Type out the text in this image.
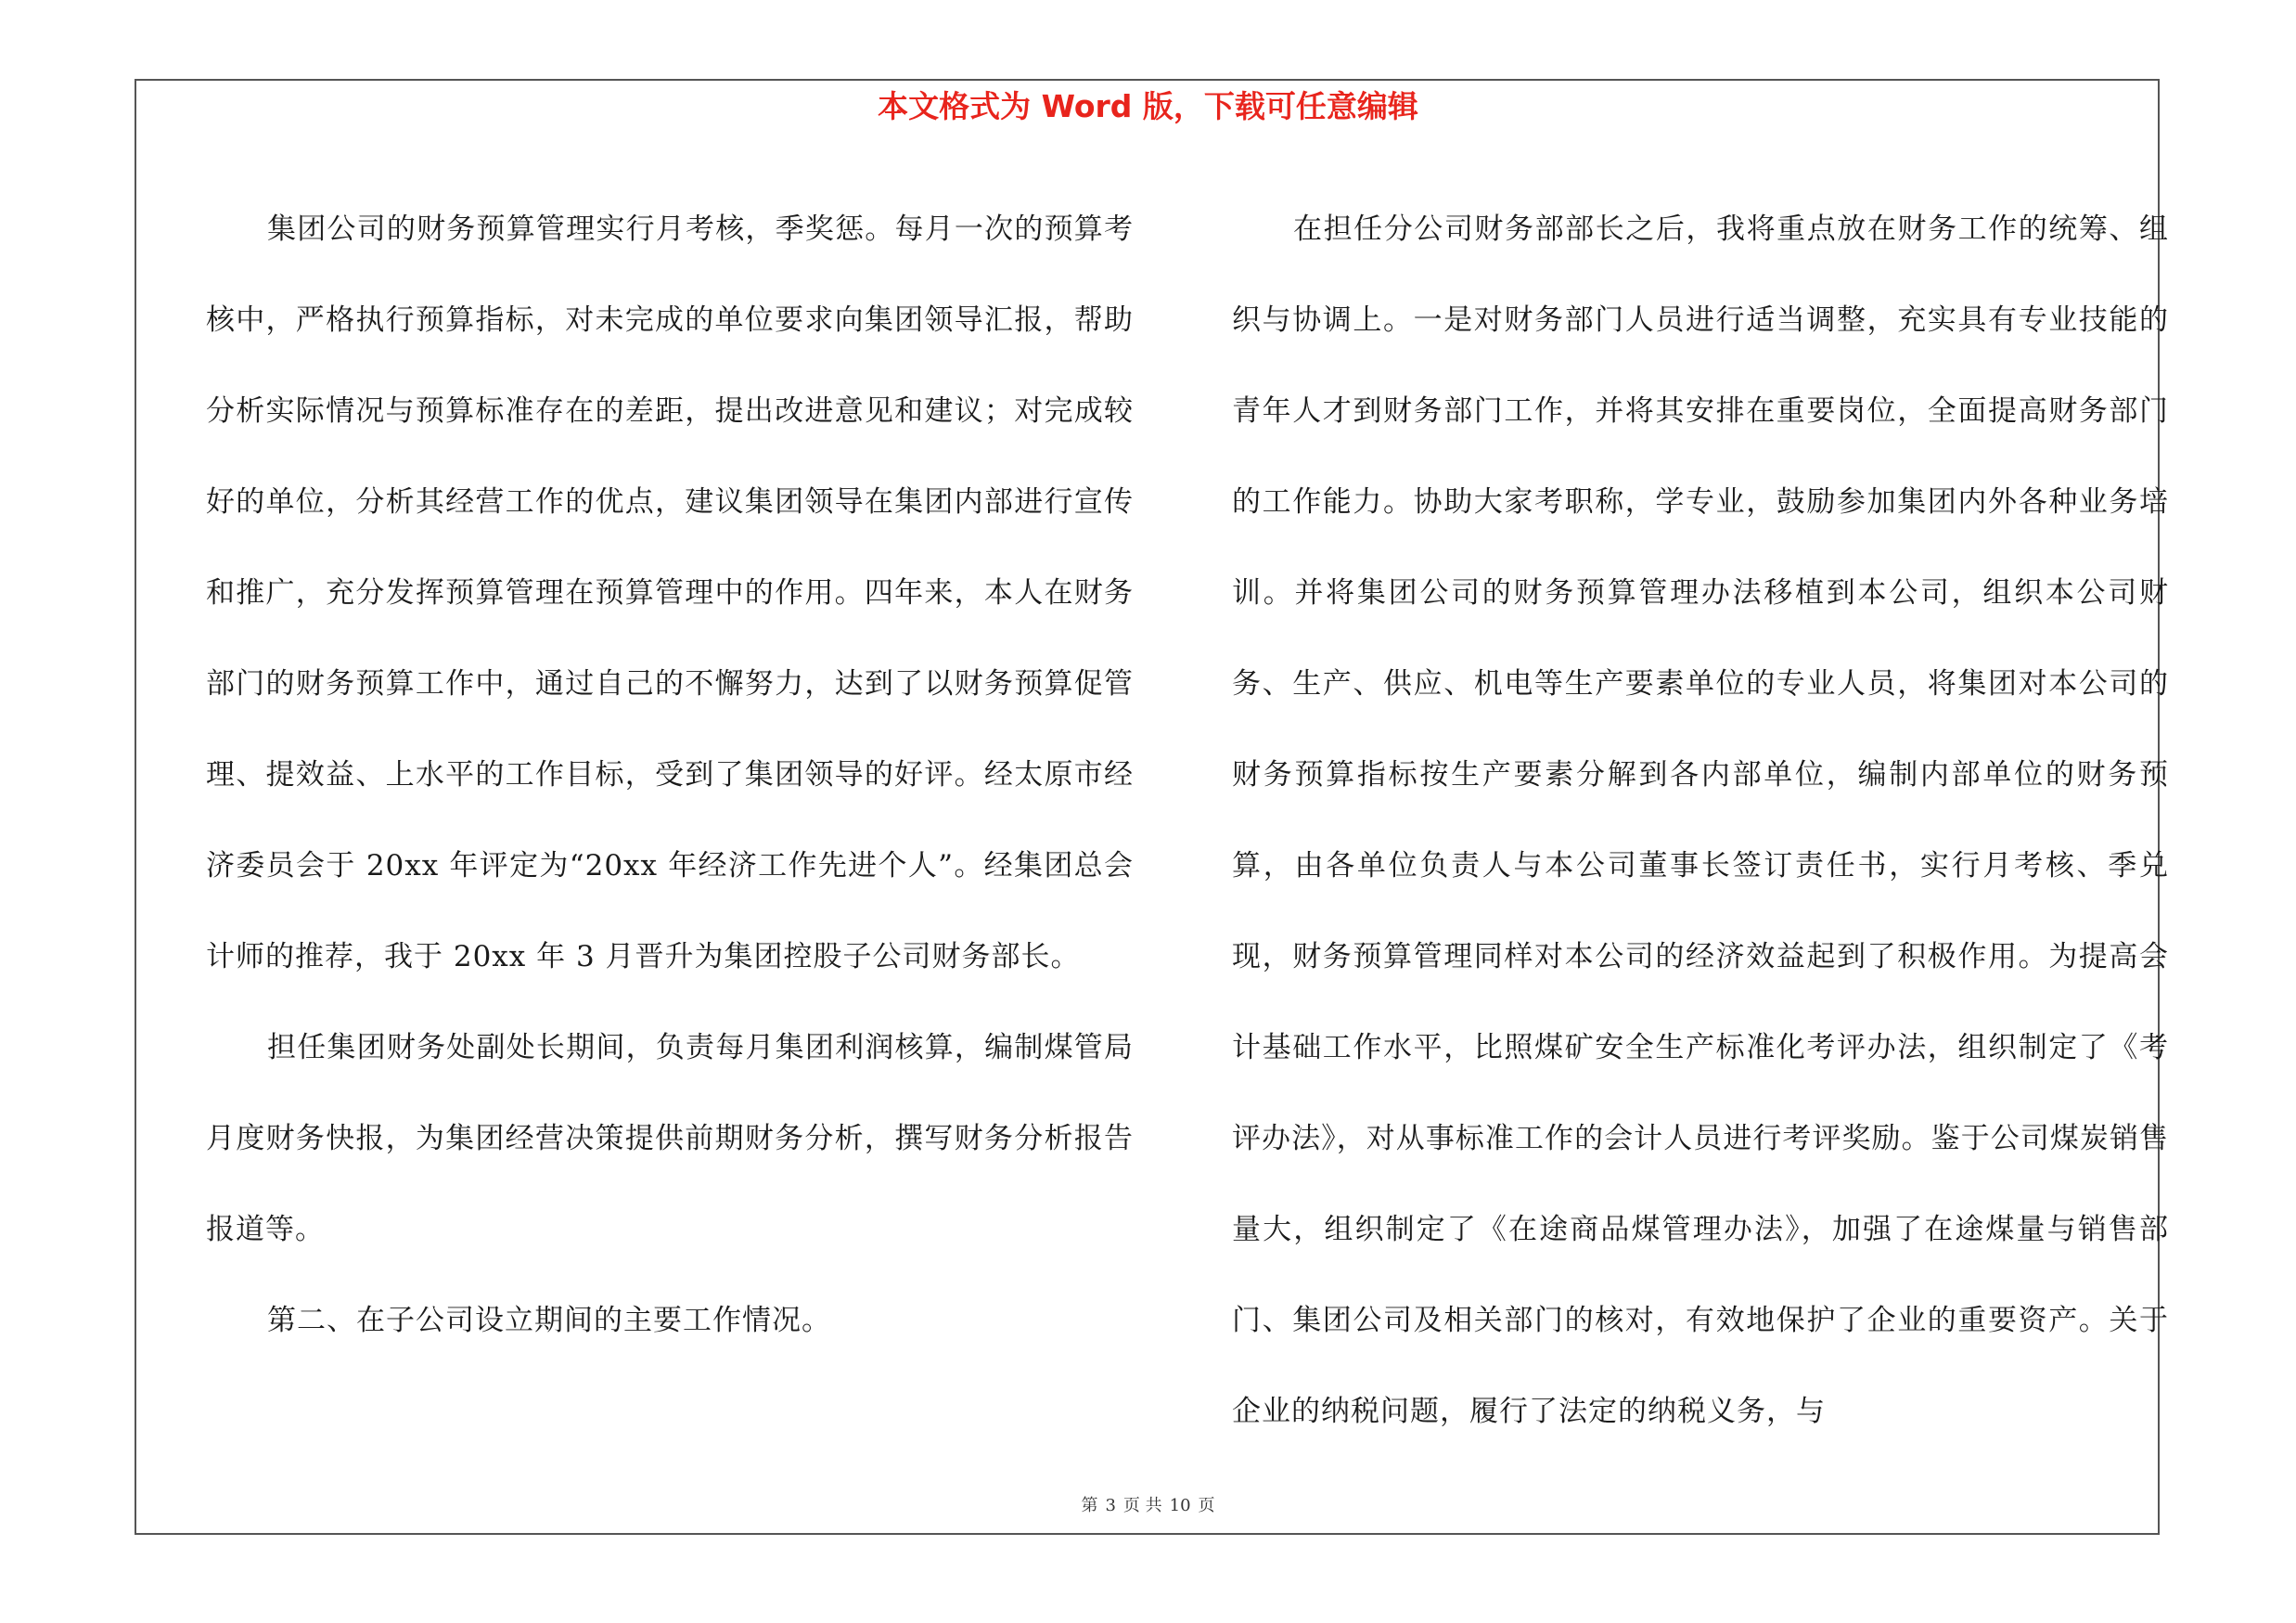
本文格式为 Word 版，下载可任意编辑

集团公司的财务预算管理实行月考核，季奖惩。每月一次的预算考核中，严格执行预算指标，对未完成的单位要求向集团领导汇报，帮助分析实际情况与预算标准存在的差距，提出改进意见和建议；对完成较好的单位，分析其经营工作的优点，建议集团领导在集团内部进行宣传和推广，充分发挥预算管理在预算管理中的作用。四年来，本人在财务部门的财务预算工作中，通过自己的不懈努力，达到了以财务预算促管理、提效益、上水平的工作目标，受到了集团领导的好评。经太原市经济委员会于 20xx 年评定为“20xx 年经济工作先进个人”。经集团总会计师的推荐，我于 20xx 年 3 月晋升为集团控股子公司财务部长。

担任集团财务处副处长期间，负责每月集团利润核算，编制煤管局月度财务快报，为集团经营决策提供前期财务分析，撰写财务分析报告报道等。

第二、在子公司设立期间的主要工作情况。

在担任分公司财务部部长之后，我将重点放在财务工作的统筹、组织与协调上。一是对财务部门人员进行适当调整，充实具有专业技能的青年人才到财务部门工作，并将其安排在重要岗位，全面提高财务部门的工作能力。协助大家考职称，学专业，鼓励参加集团内外各种业务培训。并将集团公司的财务预算管理办法移植到本公司，组织本公司财务、生产、供应、机电等生产要素单位的专业人员，将集团对本公司的财务预算指标按生产要素分解到各内部单位，编制内部单位的财务预算，由各单位负责人与本公司董事长签订责任书，实行月考核、季兑现，财务预算管理同样对本公司的经济效益起到了积极作用。为提高会计基础工作水平，比照煤矿安全生产标准化考评办法，组织制定了《考评办法》，对从事标准工作的会计人员进行考评奖励。鉴于公司煤炭销售量大，组织制定了《在途商品煤管理办法》，加强了在途煤量与销售部门、集团公司及相关部门的核对，有效地保护了企业的重要资产。关于企业的纳税问题，履行了法定的纳税义务，与

第 3 页 共 10 页
